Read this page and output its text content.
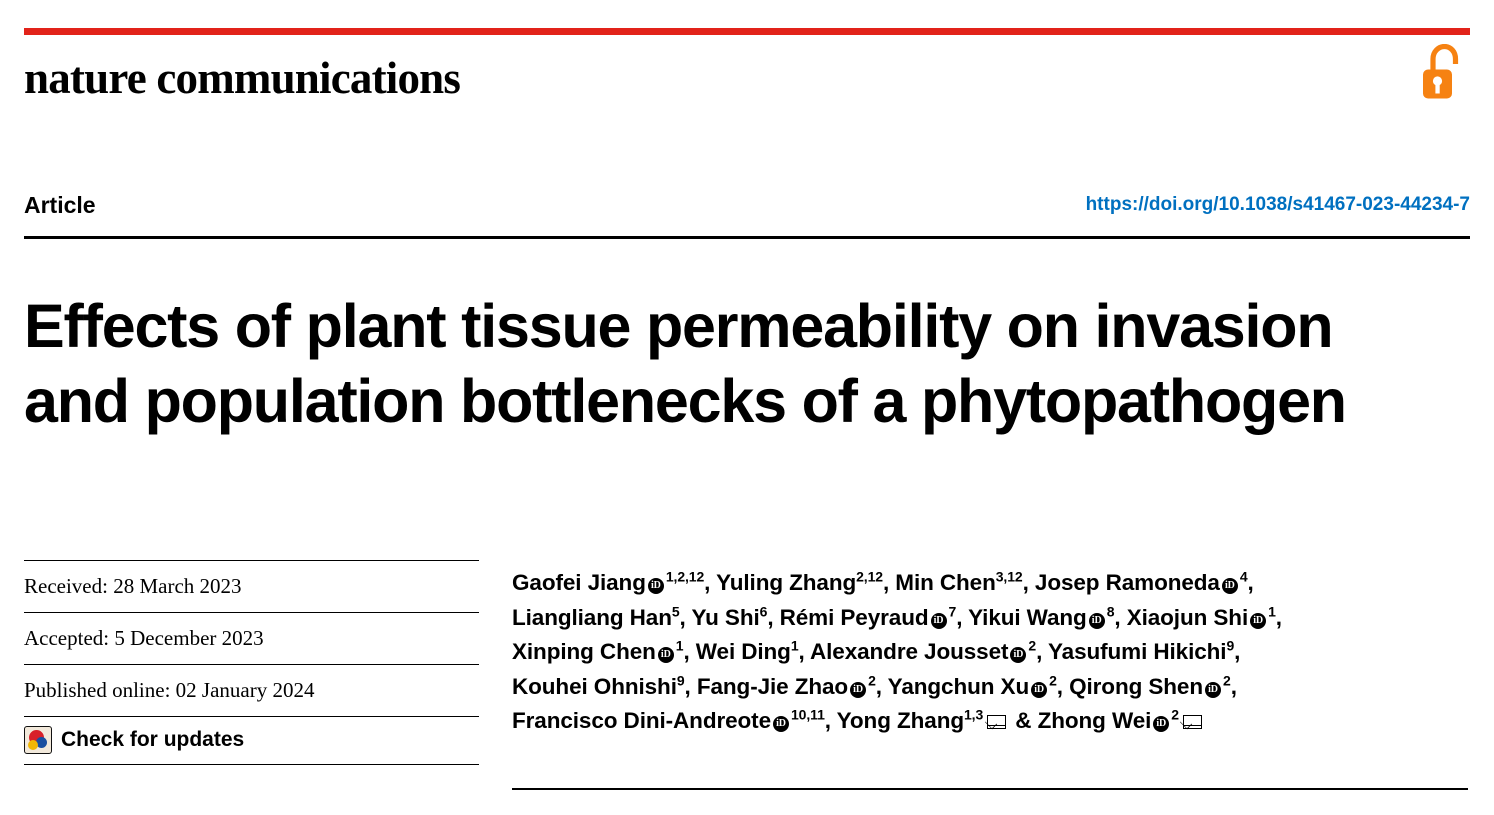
nature communications
Article	https://doi.org/10.1038/s41467-023-44234-7
Effects of plant tissue permeability on invasion and population bottlenecks of a phytopathogen
Received: 28 March 2023
Accepted: 5 December 2023
Published online: 02 January 2024
Check for updates
Gaofei Jiang iD$^{1,2,12}$, Yuling Zhang$^{2,12}$, Min Chen$^{3,12}$, Josep Ramoneda $iD^4$,
Liangliang Han$^5$, Yu Shi$^6$, Rémi Peyraud $iD^7$, Yikui Wang $iD^8$, Xiaojun Shi $iD^1$,
Xinping Chen $iD^1$, Wei Ding$^1$, Alexandre Jousset $iD^2$, Yasufumi Hikichi$^9$,
Kouhei Ohnishi$^9$, Fang-Jie Zhao $iD^2$, Yangchun Xu $iD^2$, Qirong Shen $iD^2$,
Francisco Dini-Andreote iD$^{10,11}$, Yong Zhang$^{1,3}$ & Zhong Wei $iD^2$
